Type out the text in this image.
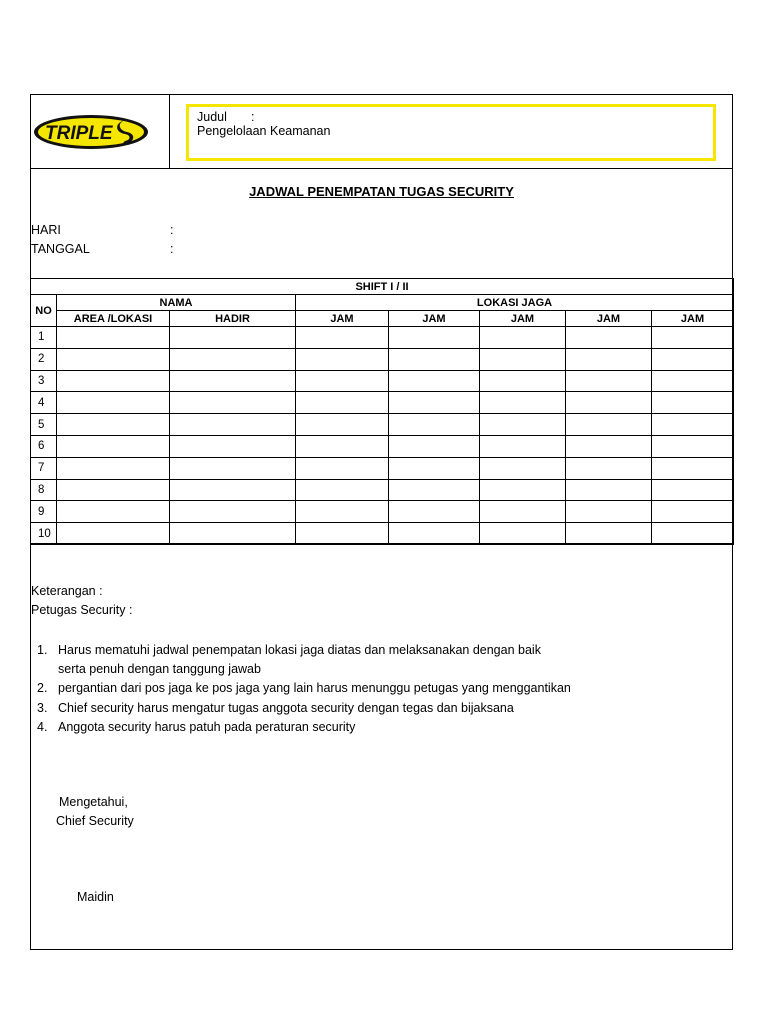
TRIPLE
Judul :
Pengelolaan Keamanan
JADWAL PENEMPATAN TUGAS SECURITY
HARI	:
TANGGAL	:
SHIFT I / II							
NO	NAMA		LOKASI JAGA				
	AREA /LOKASI	HADIR	JAM	JAM	JAM	JAM	JAM
1							
2							
3							
4							
5							
6							
7							
8							
9							
10							
Keterangan :
Petugas Security :
1. Harus mematuhi jadwal penempatan lokasi jaga diatas dan melaksanakan dengan baik
serta penuh dengan tanggung jawab
2. pergantian dari pos jaga ke pos jaga yang lain harus menunggu petugas yang menggantikan
3. Chief security harus mengatur tugas anggota security dengan tegas dan bijaksana
4. Anggota security harus patuh pada peraturan security
Mengetahui,
Chief Security
Maidin
